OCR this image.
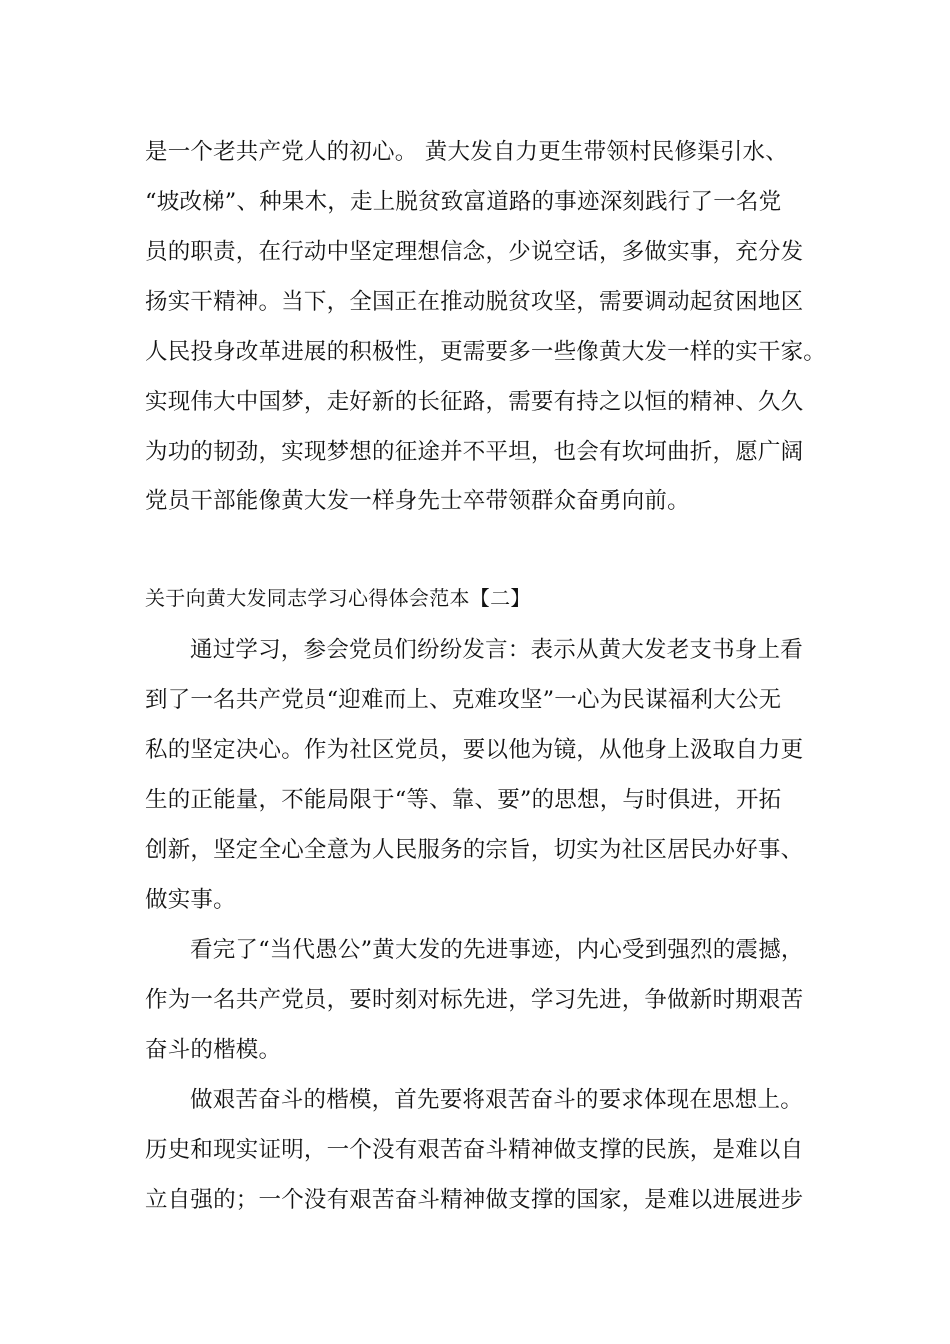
是一个老共产党人的初心。 黄大发自力更生带领村民修渠引水、
“坡改梯”、种果木，走上脱贫致富道路的事迹深刻践行了一名党
员的职责，在行动中坚定理想信念，少说空话，多做实事，充分发
扬实干精神。当下，全国正在推动脱贫攻坚，需要调动起贫困地区
人民投身改革进展的积极性，更需要多一些像黄大发一样的实干家。
实现伟大中国梦，走好新的长征路，需要有持之以恒的精神、久久
为功的韧劲，实现梦想的征途并不平坦，也会有坎坷曲折，愿广阔
党员干部能像黄大发一样身先士卒带领群众奋勇向前。
关于向黄大发同志学习心得体会范本【二】
通过学习，参会党员们纷纷发言：表示从黄大发老支书身上看
到了一名共产党员“迎难而上、克难攻坚”一心为民谋福利大公无
私的坚定决心。作为社区党员，要以他为镜，从他身上汲取自力更
生的正能量，不能局限于“等、靠、要”的思想，与时俱进，开拓
创新，坚定全心全意为人民服务的宗旨，切实为社区居民办好事、
做实事。
看完了“当代愚公”黄大发的先进事迹，内心受到强烈的震撼，
作为一名共产党员，要时刻对标先进，学习先进，争做新时期艰苦
奋斗的楷模。
做艰苦奋斗的楷模，首先要将艰苦奋斗的要求体现在思想上。
历史和现实证明，一个没有艰苦奋斗精神做支撑的民族，是难以自
立自强的；一个没有艰苦奋斗精神做支撑的国家，是难以进展进步
